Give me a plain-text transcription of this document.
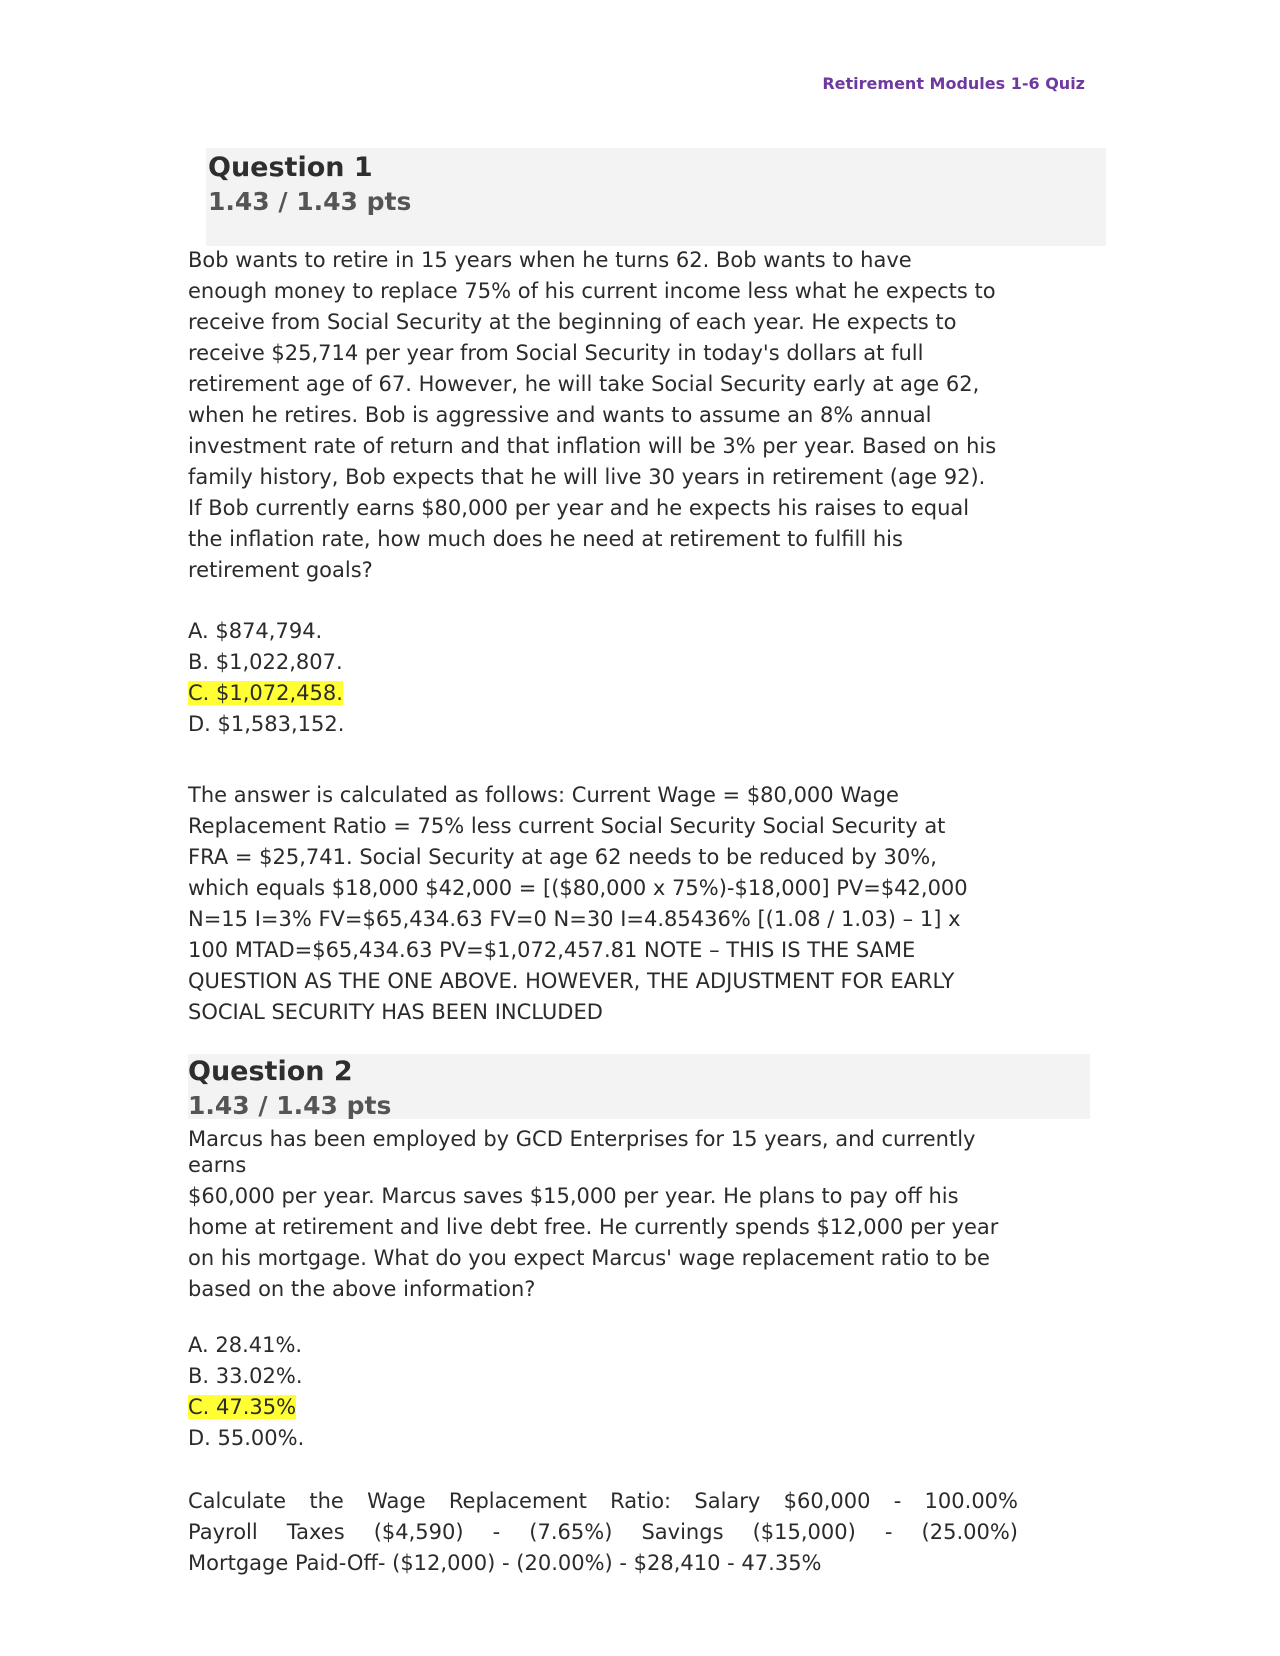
Retirement Modules 1-6 Quiz
Question 1
1.43 / 1.43 pts

Bob wants to retire in 15 years when he turns 62. Bob wants to have

enough money to replace 75% of his current income less what he expects to

receive from Social Security at the beginning of each year. He expects to

receive $25,714 per year from Social Security in today's dollars at full

retirement age of 67. However, he will take Social Security early at age 62,

when he retires. Bob is aggressive and wants to assume an 8% annual

investment rate of return and that inflation will be 3% per year. Based on his

family history, Bob expects that he will live 30 years in retirement (age 92).

If Bob currently earns $80,000 per year and he expects his raises to equal

the inflation rate, how much does he need at retirement to fulfill his

retirement goals?

A. $874,794.
B. $1,022,807.
C. $1,072,458.
D. $1,583,152.

The answer is calculated as follows: Current Wage = $80,000 Wage

Replacement Ratio = 75% less current Social Security Social Security at

FRA = $25,741. Social Security at age 62 needs to be reduced by 30%,

which equals $18,000 $42,000 = [($80,000 x 75%)-$18,000] PV=$42,000

N=15 I=3% FV=$65,434.63 FV=0 N=30 I=4.85436% [(1.08 / 1.03) – 1] x

100 MTAD=$65,434.63 PV=$1,072,457.81 NOTE – THIS IS THE SAME

QUESTION AS THE ONE ABOVE. HOWEVER, THE ADJUSTMENT FOR EARLY

SOCIAL SECURITY HAS BEEN INCLUDED

Question 2
1.43 / 1.43 pts

Marcus has been employed by GCD Enterprises for 15 years, and currently

earns

$60,000 per year. Marcus saves $15,000 per year. He plans to pay off his

home at retirement and live debt free. He currently spends $12,000 per year

on his mortgage. What do you expect Marcus' wage replacement ratio to be

based on the above information?

A. 28.41%.
B. 33.02%.
C. 47.35%
D. 55.00%.

Calculate the Wage Replacement Ratio: Salary $60,000 - 100.00%

Payroll Taxes ($4,590) - (7.65%) Savings ($15,000) - (25.00%)

Mortgage Paid-Off- ($12,000) - (20.00%) - $28,410 - 47.35%
